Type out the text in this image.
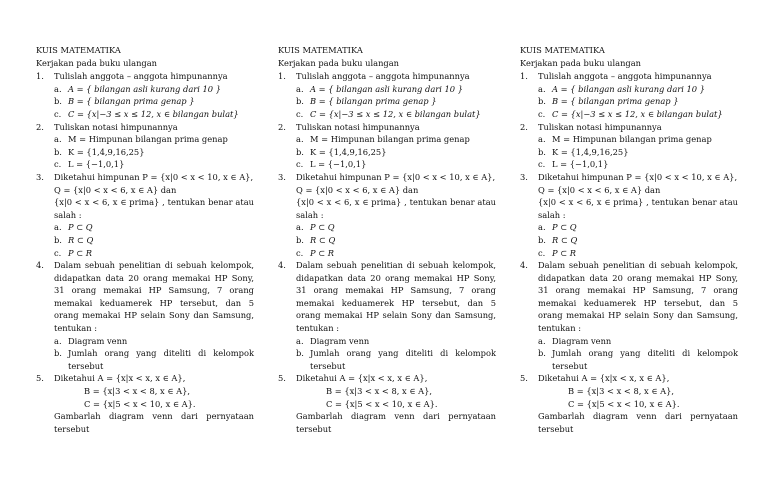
KUIS MATEMATIKA
Kerjakan pada buku ulangan
1. Tulislah anggota – anggota himpunannya
a. A = { bilangan asli kurang dari 10 }
b. B = { bilangan prima genap }
c. C = {x|−3 ≤ x ≤ 12, x ∈ bilangan bulat}
2. Tuliskan notasi himpunannya
a. M = Himpunan bilangan prima genap
b. K = {1,4,9,16,25}
c. L = {−1,0,1}
3. Diketahui himpunan P = {x|0 < x < 10, x ∈ A},
Q = {x|0 < x < 6, x ∈ A} dan
{x|0 < x < 6, x ∈ prima} , tentukan benar atau salah :
a. P ⊂ Q
b. R ⊂ Q
c. P ⊂ R
4. Dalam sebuah penelitian di sebuah kelompok, didapatkan data 20 orang memakai HP Sony, 31 orang memakai HP Samsung, 7 orang memakai keduamerek HP tersebut, dan 5 orang memakai HP selain Sony dan Samsung, tentukan :
a. Diagram venn
b. Jumlah orang yang diteliti di kelompok tersebut
5. Diketahui A = {x|x < x, x ∈ A},
B = {x|3 < x < 8, x ∈ A},
C = {x|5 < x < 10, x ∈ A}.
Gambarlah diagram venn dari pernyataan tersebut
KUIS MATEMATIKA
Kerjakan pada buku ulangan
1. Tulislah anggota – anggota himpunannya
a. A = { bilangan asli kurang dari 10 }
b. B = { bilangan prima genap }
c. C = {x|−3 ≤ x ≤ 12, x ∈ bilangan bulat}
2. Tuliskan notasi himpunannya
a. M = Himpunan bilangan prima genap
b. K = {1,4,9,16,25}
c. L = {−1,0,1}
3. Diketahui himpunan P = {x|0 < x < 10, x ∈ A},
Q = {x|0 < x < 6, x ∈ A} dan
{x|0 < x < 6, x ∈ prima} , tentukan benar atau salah :
a. P ⊂ Q
b. R ⊂ Q
c. P ⊂ R
4. Dalam sebuah penelitian di sebuah kelompok, didapatkan data 20 orang memakai HP Sony, 31 orang memakai HP Samsung, 7 orang memakai keduamerek HP tersebut, dan 5 orang memakai HP selain Sony dan Samsung, tentukan :
a. Diagram venn
b. Jumlah orang yang diteliti di kelompok tersebut
5. Diketahui A = {x|x < x, x ∈ A},
B = {x|3 < x < 8, x ∈ A},
C = {x|5 < x < 10, x ∈ A}.
Gambarlah diagram venn dari pernyataan tersebut
KUIS MATEMATIKA
Kerjakan pada buku ulangan
1. Tulislah anggota – anggota himpunannya
a. A = { bilangan asli kurang dari 10 }
b. B = { bilangan prima genap }
c. C = {x|−3 ≤ x ≤ 12, x ∈ bilangan bulat}
2. Tuliskan notasi himpunannya
a. M = Himpunan bilangan prima genap
b. K = {1,4,9,16,25}
c. L = {−1,0,1}
3. Diketahui himpunan P = {x|0 < x < 10, x ∈ A},
Q = {x|0 < x < 6, x ∈ A} dan
{x|0 < x < 6, x ∈ prima} , tentukan benar atau salah :
a. P ⊂ Q
b. R ⊂ Q
c. P ⊂ R
4. Dalam sebuah penelitian di sebuah kelompok, didapatkan data 20 orang memakai HP Sony, 31 orang memakai HP Samsung, 7 orang memakai keduamerek HP tersebut, dan 5 orang memakai HP selain Sony dan Samsung, tentukan :
a. Diagram venn
b. Jumlah orang yang diteliti di kelompok tersebut
5. Diketahui A = {x|x < x, x ∈ A},
B = {x|3 < x < 8, x ∈ A},
C = {x|5 < x < 10, x ∈ A}.
Gambarlah diagram venn dari pernyataan tersebut
